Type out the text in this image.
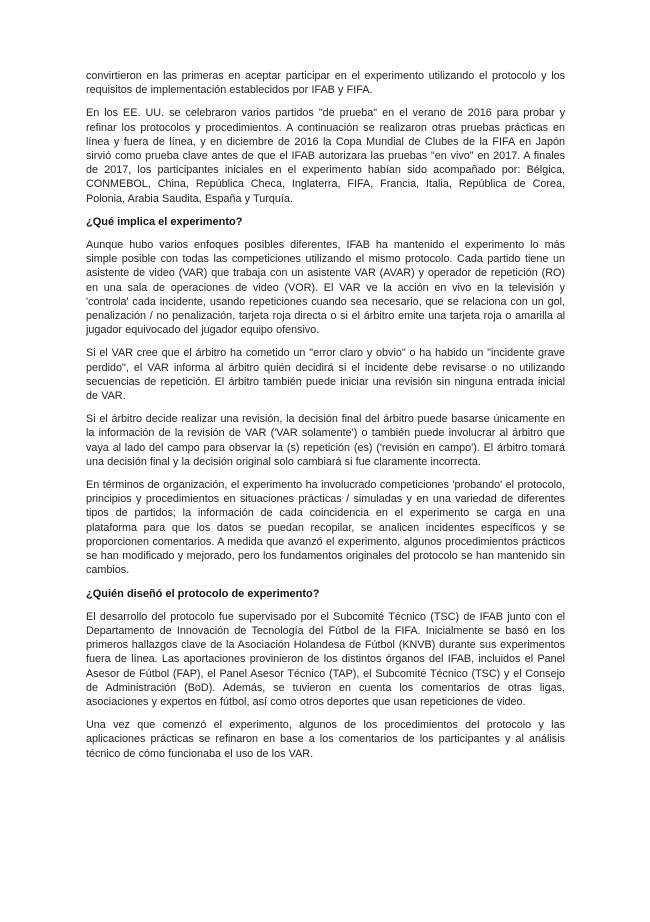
convirtieron en las primeras en aceptar participar en el experimento utilizando el protocolo y los requisitos de implementación establecidos por IFAB y FIFA.

En los EE. UU. se celebraron varios partidos "de prueba" en el verano de 2016 para probar y refinar los protocolos y procedimientos. A continuación se realizaron otras pruebas prácticas en línea y fuera de línea, y en diciembre de 2016 la Copa Mundial de Clubes de la FIFA en Japón sirvió como prueba clave antes de que el IFAB autorizara las pruebas "en vivo" en 2017. A finales de 2017, los participantes iniciales en el experimento habían sido acompañado por: Bélgica, CONMEBOL, China, República Checa, Inglaterra, FIFA, Francia, Italia, República de Corea, Polonia, Arabia Saudita, España y Turquía.

¿Qué implica el experimento?

Aunque hubo varios enfoques posibles diferentes, IFAB ha mantenido el experimento lo más simple posible con todas las competiciones utilizando el mismo protocolo. Cada partido tiene un asistente de video (VAR) que trabaja con un asistente VAR (AVAR) y operador de repetición (RO) en una sala de operaciones de video (VOR). El VAR ve la acción en vivo en la televisión y 'controla' cada incidente, usando repeticiones cuando sea necesario, que se relaciona con un gol, penalización / no penalización, tarjeta roja directa o si el árbitro emite una tarjeta roja o amarilla al jugador equivocado del jugador equipo ofensivo.

Si el VAR cree que el árbitro ha cometido un "error claro y obvio" o ha habido un "incidente grave perdido", el VAR informa al árbitro quién decidirá si el incidente debe revisarse o no utilizando secuencias de repetición. El árbitro también puede iniciar una revisión sin ninguna entrada inicial de VAR.

Si el árbitro decide realizar una revisión, la decisión final del árbitro puede basarse únicamente en la información de la revisión de VAR ('VAR solamente') o también puede involucrar al árbitro que vaya al lado del campo para observar la (s) repetición (es) ('revisión en campo'). El árbitro tomará una decisión final y la decisión original solo cambiará si fue claramente incorrecta.

En términos de organización, el experimento ha involucrado competiciones 'probando' el protocolo, principios y procedimientos en situaciones prácticas / simuladas y en una variedad de diferentes tipos de partidos; la información de cada coincidencia en el experimento se carga en una plataforma para que los datos se puedan recopilar, se analicen incidentes específicos y se proporcionen comentarios. A medida que avanzó el experimento, algunos procedimientos prácticos se han modificado y mejorado, pero los fundamentos originales del protocolo se han mantenido sin cambios.

¿Quién diseñó el protocolo de experimento?

El desarrollo del protocolo fue supervisado por el Subcomité Técnico (TSC) de IFAB junto con el Departamento de Innovación de Tecnología del Fútbol de la FIFA. Inicialmente se basó en los primeros hallazgos clave de la Asociación Holandesa de Fútbol (KNVB) durante sus experimentos fuera de línea. Las aportaciones provinieron de los distintos órganos del IFAB, incluidos el Panel Asesor de Fútbol (FAP), el Panel Asesor Técnico (TAP), el Subcomité Técnico (TSC) y el Consejo de Administración (BoD). Además, se tuvieron en cuenta los comentarios de otras ligas, asociaciones y expertos en fútbol, así como otros deportes que usan repeticiones de video.

Una vez que comenzó el experimento, algunos de los procedimientos del protocolo y las aplicaciones prácticas se refinaron en base a los comentarios de los participantes y al análisis técnico de cómo funcionaba el uso de los VAR.
